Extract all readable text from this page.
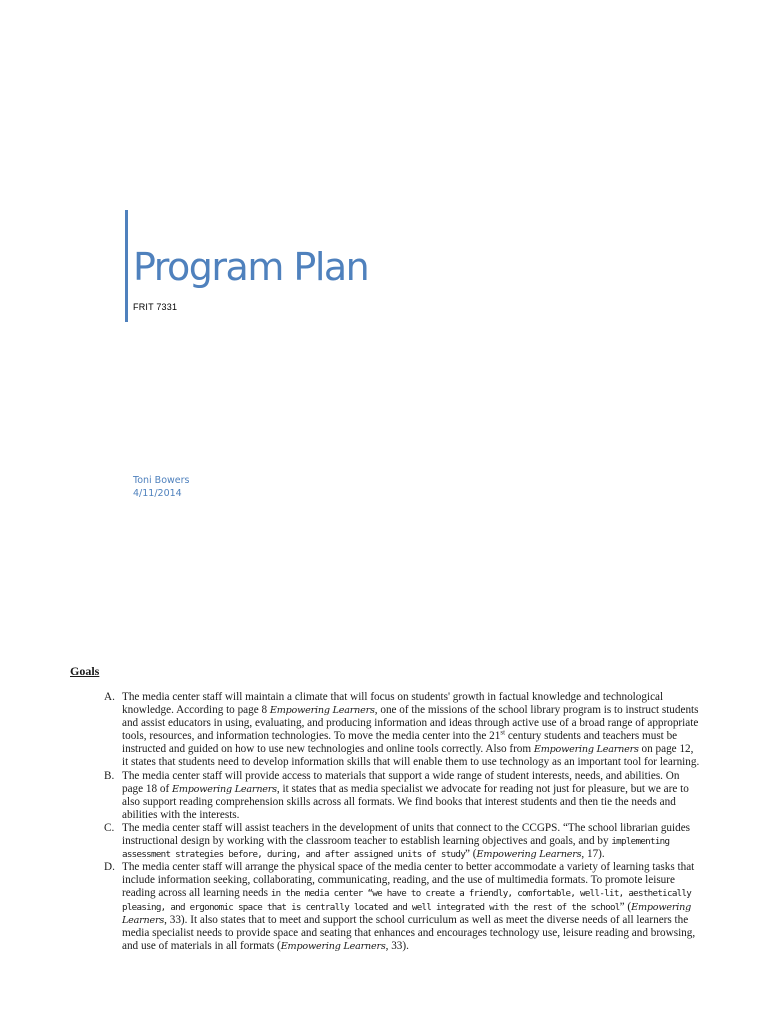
Program Plan
FRIT 7331
Toni Bowers
4/11/2014
Goals
A. The media center staff will maintain a climate that will focus on students' growth in factual knowledge and technological knowledge. According to page 8 Empowering Learners, one of the missions of the school library program is to instruct students and assist educators in using, evaluating, and producing information and ideas through active use of a broad range of appropriate tools, resources, and information technologies. To move the media center into the 21st century students and teachers must be instructed and guided on how to use new technologies and online tools correctly. Also from Empowering Learners on page 12, it states that students need to develop information skills that will enable them to use technology as an important tool for learning.
B. The media center staff will provide access to materials that support a wide range of student interests, needs, and abilities. On page 18 of Empowering Learners, it states that as media specialist we advocate for reading not just for pleasure, but we are to also support reading comprehension skills across all formats. We find books that interest students and then tie the needs and abilities with the interests.
C. The media center staff will assist teachers in the development of units that connect to the CCGPS. “The school librarian guides instructional design by working with the classroom teacher to establish learning objectives and goals, and by implementing assessment strategies before, during, and after assigned units of study” (Empowering Learners, 17).
D. The media center staff will arrange the physical space of the media center to better accommodate a variety of learning tasks that include information seeking, collaborating, communicating, reading, and the use of multimedia formats. To promote leisure reading across all learning needs in the media center “we have to create a friendly, comfortable, well-lit, aesthetically pleasing, and ergonomic space that is centrally located and well integrated with the rest of the school” (Empowering Learners, 33). It also states that to meet and support the school curriculum as well as meet the diverse needs of all learners the media specialist needs to provide space and seating that enhances and encourages technology use, leisure reading and browsing, and use of materials in all formats (Empowering Learners, 33).
